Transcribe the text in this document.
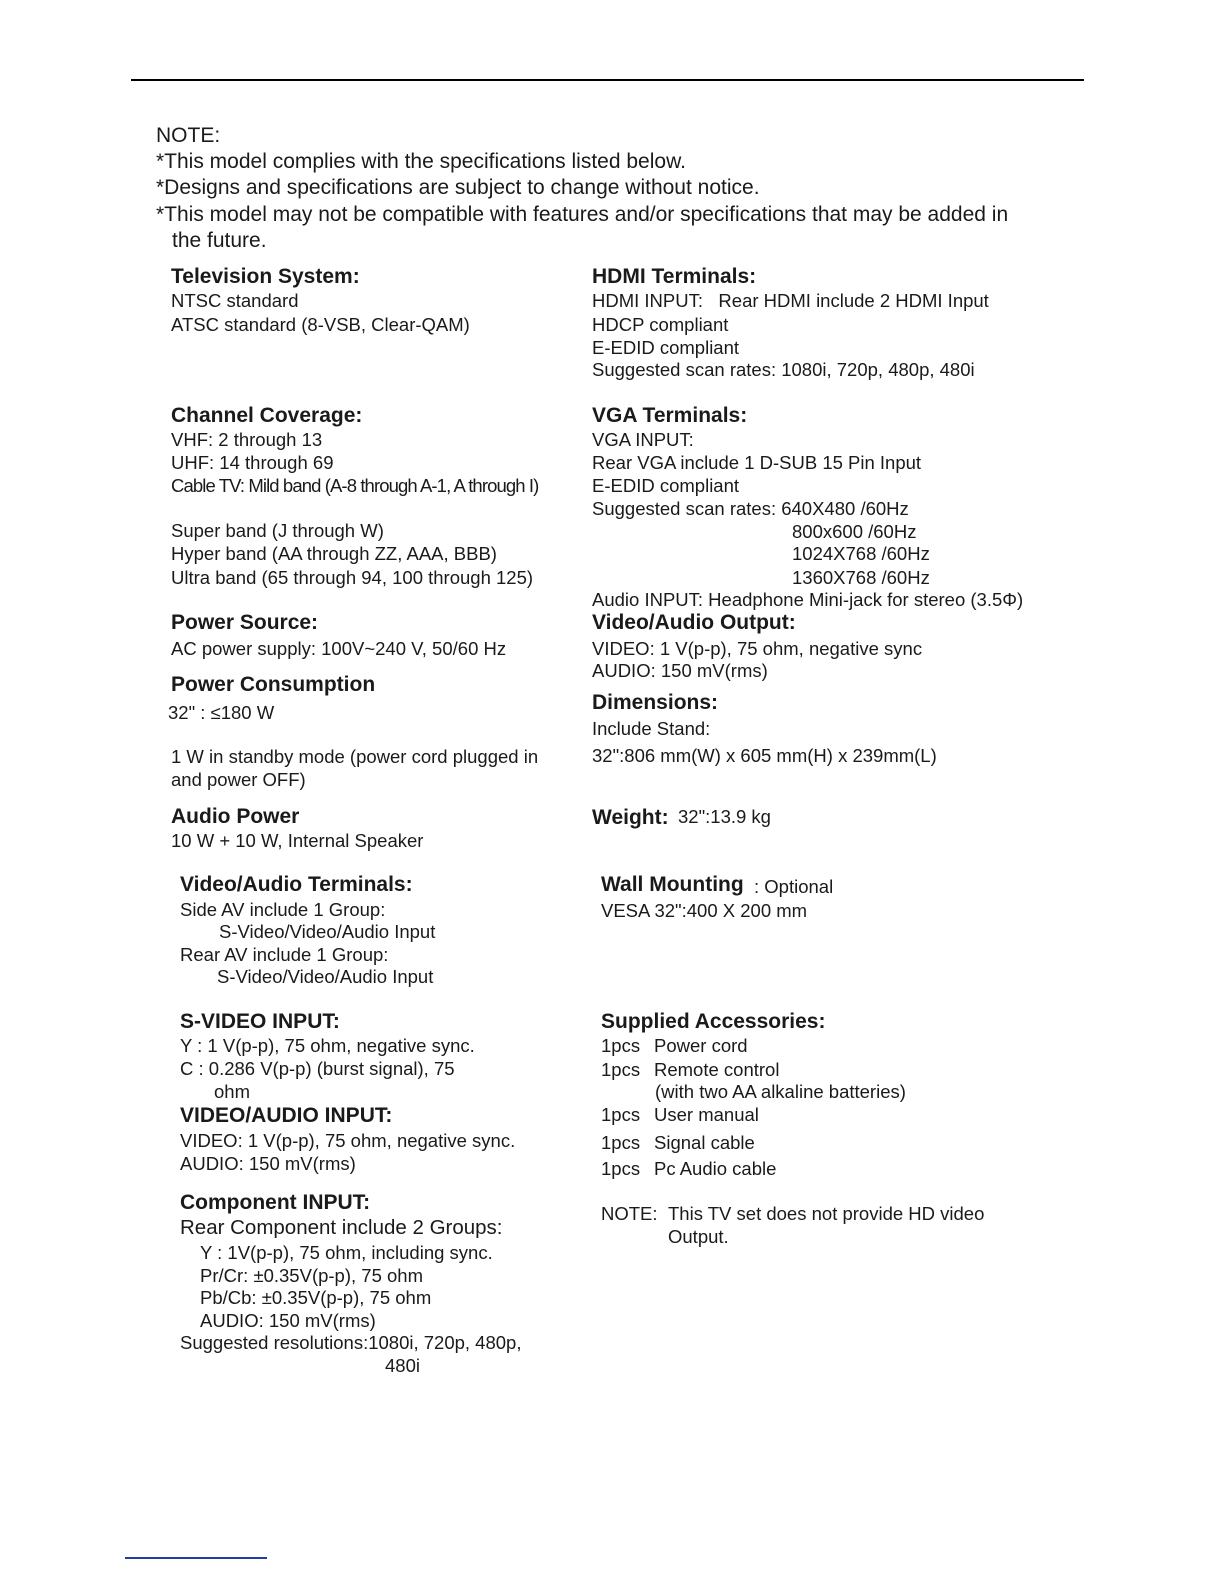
NOTE:
*This model complies with the specifications listed below.
*Designs and specifications are subject to change without notice.
*This model may not be compatible with features and/or specifications that may be added in
the future.
Television System:
NTSC standard
ATSC standard (8-VSB, Clear-QAM)
Channel Coverage:
VHF: 2 through 13
UHF: 14 through 69
Cable TV: Mild band (A-8 through A-1, A through I)
Super band (J through W)
Hyper band (AA through ZZ, AAA, BBB)
Ultra band (65 through 94, 100 through 125)
Power Source:
AC power supply: 100V~240 V, 50/60 Hz
Power Consumption
32" : ≤180 W
1 W in standby mode (power cord plugged in
and power OFF)
Audio Power
10 W + 10 W, Internal Speaker
Video/Audio Terminals:
Side AV include 1 Group:
S-Video/Video/Audio Input
Rear AV include 1 Group:
S-Video/Video/Audio Input
S-VIDEO INPUT:
Y : 1 V(p-p), 75 ohm, negative sync.
C : 0.286 V(p-p) (burst signal), 75
ohm
VIDEO/AUDIO INPUT:
VIDEO: 1 V(p-p), 75 ohm, negative sync.
AUDIO: 150 mV(rms)
Component INPUT:
Rear Component include 2 Groups:
Y : 1V(p-p), 75 ohm, including sync.
Pr/Cr: ±0.35V(p-p), 75 ohm
Pb/Cb: ±0.35V(p-p), 75 ohm
AUDIO: 150 mV(rms)
Suggested resolutions:1080i, 720p, 480p,
480i
HDMI Terminals:
HDMI INPUT:   Rear HDMI include 2 HDMI Input
HDCP compliant
E-EDID compliant
Suggested scan rates: 1080i, 720p, 480p, 480i
VGA Terminals:
VGA INPUT:
Rear VGA include 1 D-SUB 15 Pin Input
E-EDID compliant
Suggested scan rates: 640X480 /60Hz
800x600 /60Hz
1024X768 /60Hz
1360X768 /60Hz
Audio INPUT: Headphone Mini-jack for stereo (3.5Φ)
Video/Audio Output:
VIDEO: 1 V(p-p), 75 ohm, negative sync
AUDIO: 150 mV(rms)
Dimensions:
Include Stand:
32":806 mm(W) x 605 mm(H) x 239mm(L)
Weight: 32":13.9 kg
Wall Mounting : Optional
VESA 32":400 X 200 mm
Supplied Accessories:
1pcs Power cord
1pcs Remote control
(with two AA alkaline batteries)
1pcs User manual
1pcs Signal cable
1pcs Pc Audio cable
NOTE: This TV set does not provide HD video
Output.
